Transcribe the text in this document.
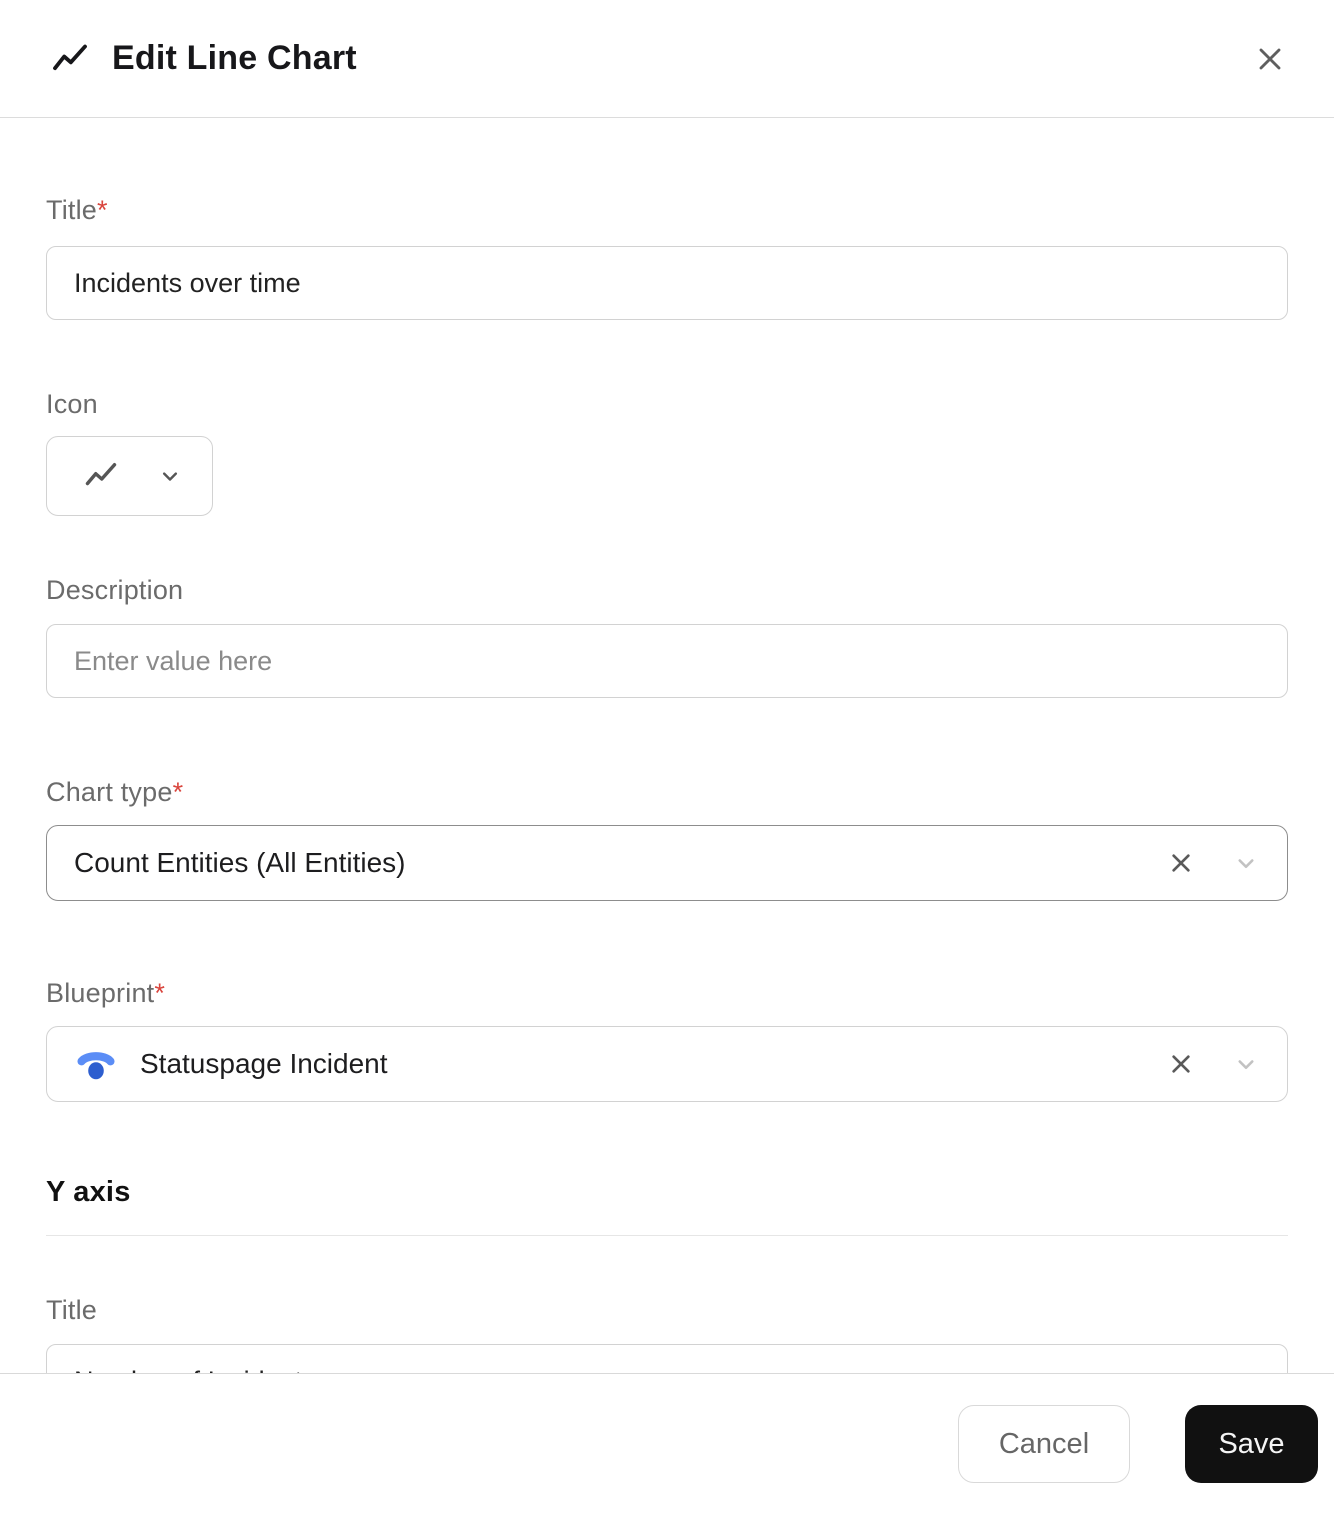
Edit Line Chart
Title*
Incidents over time
Icon
Description
Enter value here
Chart type*
Count Entities (All Entities)
Blueprint*
Statuspage Incident
Y axis
Title
Number of Incidents
Cancel	Save
